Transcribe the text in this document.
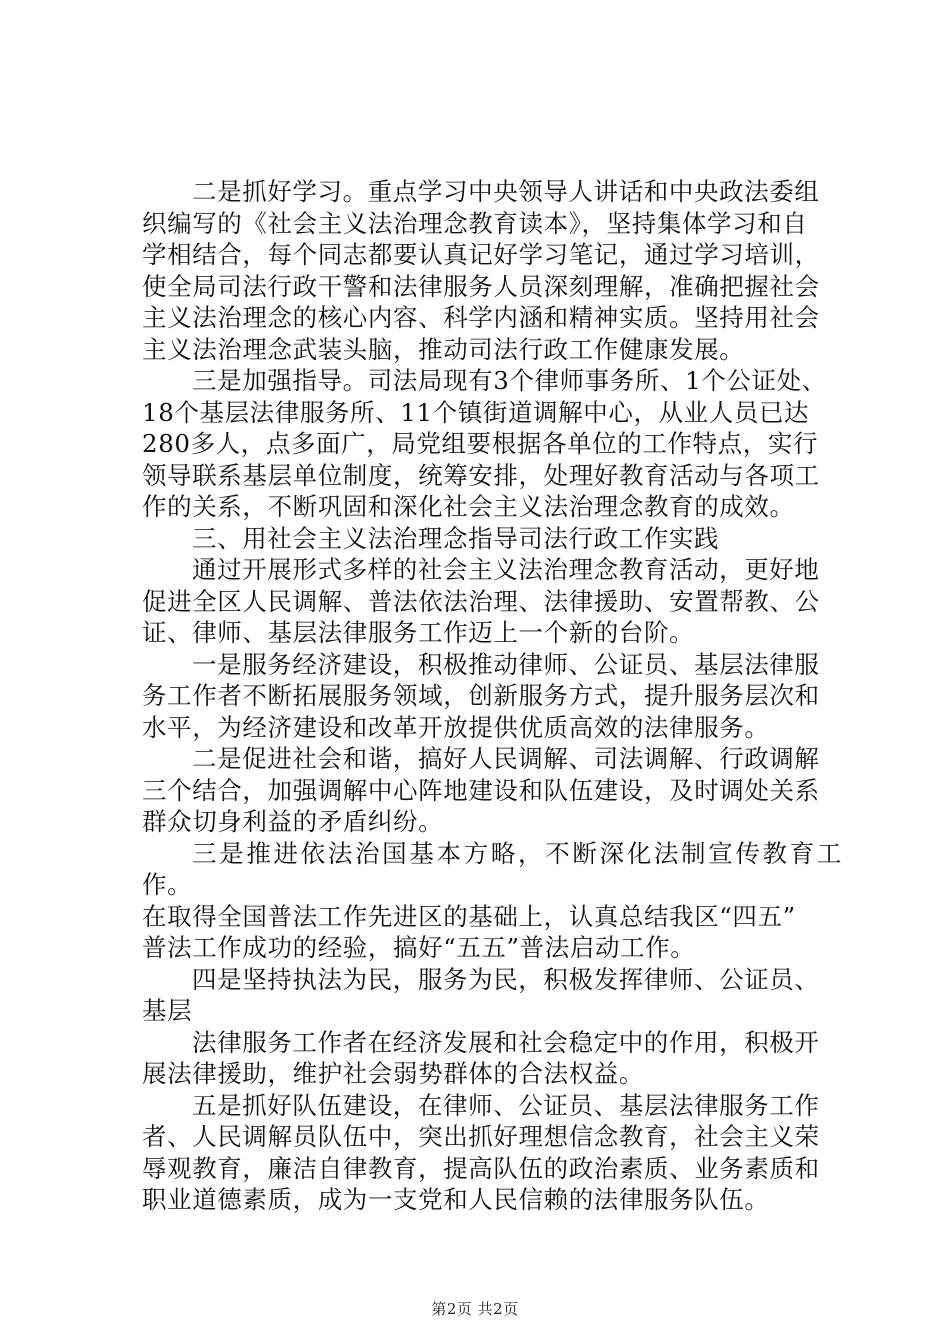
二是抓好学习。重点学习中央领导人讲话和中央政法委组
织编写的《社会主义法治理念教育读本》，坚持集体学习和自
学相结合，每个同志都要认真记好学习笔记，通过学习培训，
使全局司法行政干警和法律服务人员深刻理解，准确把握社会
主义法治理念的核心内容、科学内涵和精神实质。坚持用社会
主义法治理念武装头脑，推动司法行政工作健康发展。

三是加强指导。司法局现有3个律师事务所、1个公证处、
18个基层法律服务所、11个镇街道调解中心，从业人员已达
280多人，点多面广，局党组要根据各单位的工作特点，实行
领导联系基层单位制度，统筹安排，处理好教育活动与各项工
作的关系，不断巩固和深化社会主义法治理念教育的成效。

三、用社会主义法治理念指导司法行政工作实践

通过开展形式多样的社会主义法治理念教育活动，更好地
促进全区人民调解、普法依法治理、法律援助、安置帮教、公
证、律师、基层法律服务工作迈上一个新的台阶。

一是服务经济建设，积极推动律师、公证员、基层法律服
务工作者不断拓展服务领域，创新服务方式，提升服务层次和
水平，为经济建设和改革开放提供优质高效的法律服务。

二是促进社会和谐，搞好人民调解、司法调解、行政调解
三个结合，加强调解中心阵地建设和队伍建设，及时调处关系
群众切身利益的矛盾纠纷。

三是推进依法治国基本方略，不断深化法制宣传教育工作。
在取得全国普法工作先进区的基础上，认真总结我区“四五”
普法工作成功的经验，搞好“五五”普法启动工作。

四是坚持执法为民，服务为民，积极发挥律师、公证员、
基层

法律服务工作者在经济发展和社会稳定中的作用，积极开
展法律援助，维护社会弱势群体的合法权益。

五是抓好队伍建设，在律师、公证员、基层法律服务工作
者、人民调解员队伍中，突出抓好理想信念教育，社会主义荣
辱观教育，廉洁自律教育，提高队伍的政治素质、业务素质和
职业道德素质，成为一支党和人民信赖的法律服务队伍。

第2页 共2页
